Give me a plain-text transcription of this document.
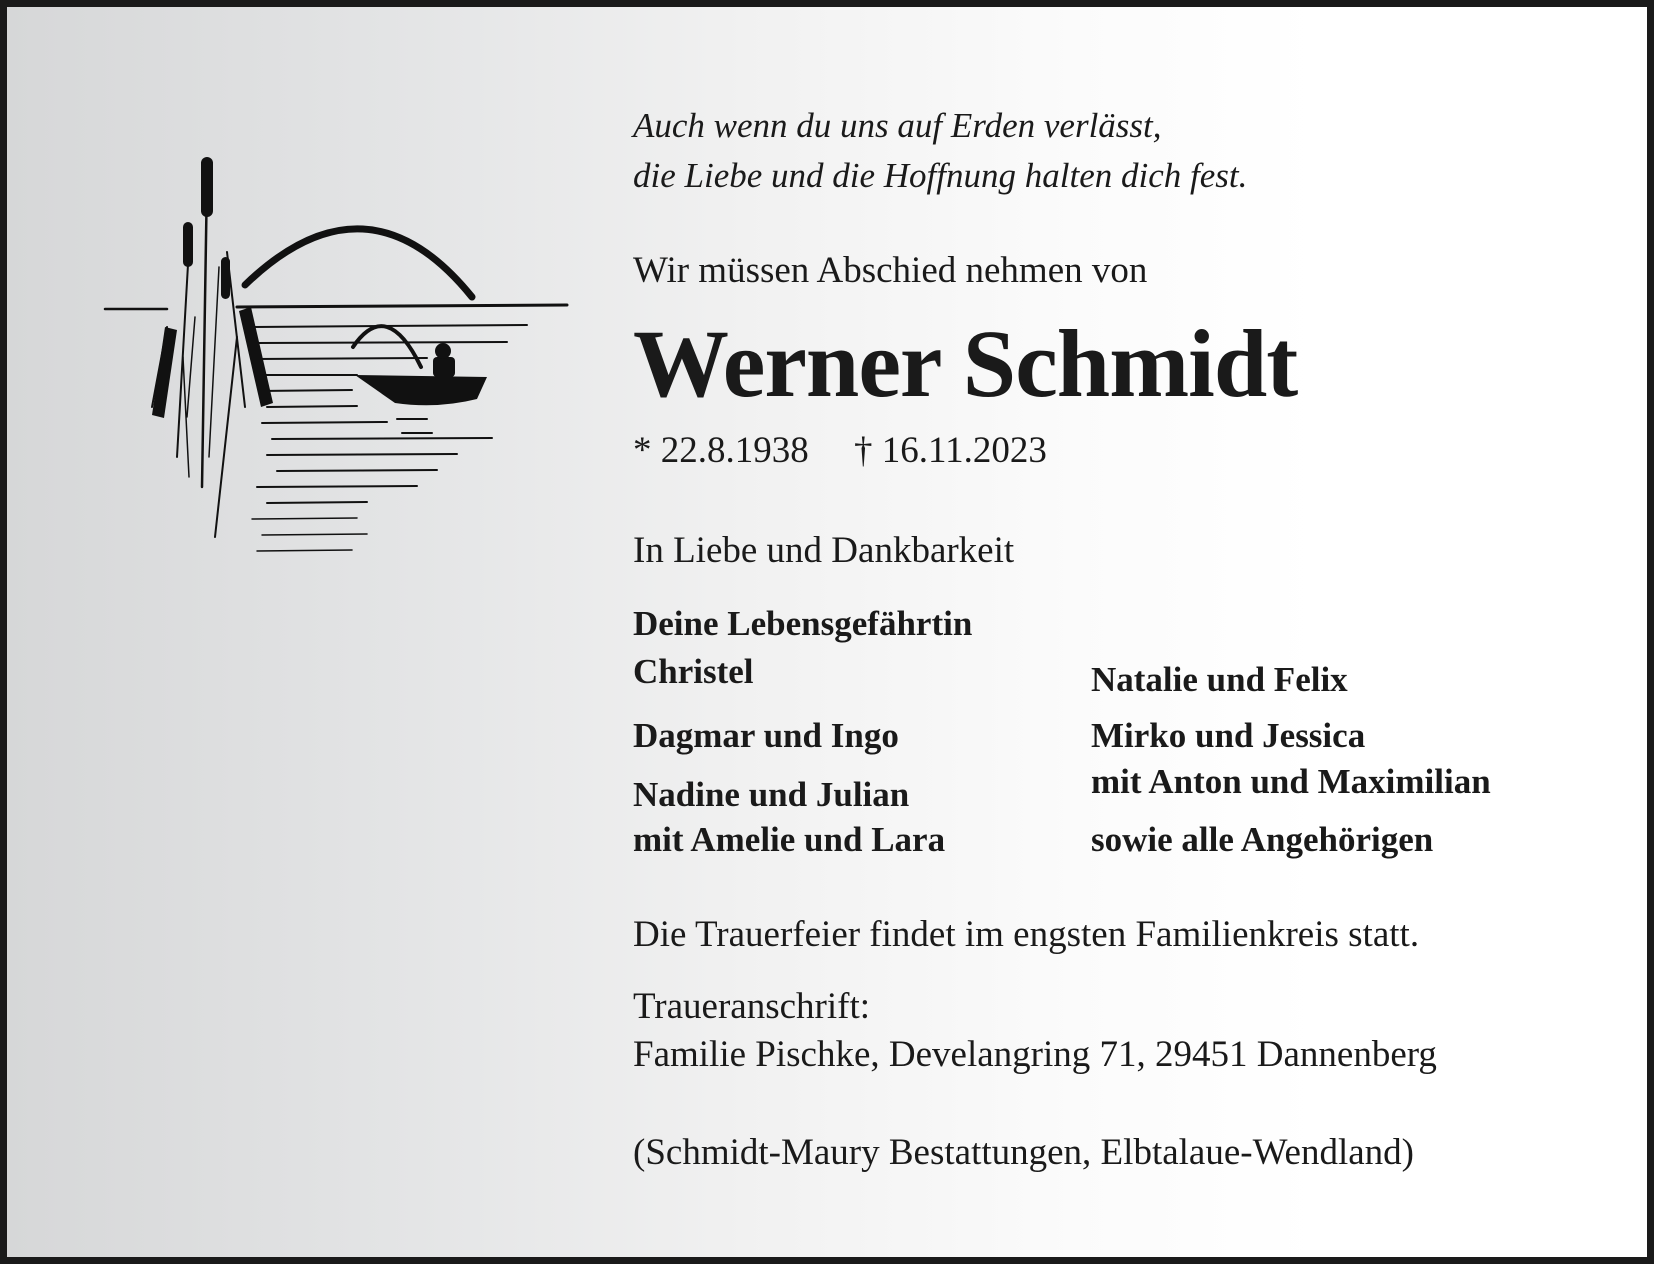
Auch wenn du uns auf Erden verlässt,
die Liebe und die Hoffnung halten dich fest.
Wir müssen Abschied nehmen von
Werner Schmidt
* 22.8.1938 † 16.11.2023
In Liebe und Dankbarkeit
Deine Lebensgefährtin
Christel
Dagmar und Ingo
Nadine und Julian
mit Amelie und Lara
Natalie und Felix
Mirko und Jessica
mit Anton und Maximilian
sowie alle Angehörigen
Die Trauerfeier findet im engsten Familienkreis statt.
Traueranschrift:
Familie Pischke, Develangring 71, 29451 Dannenberg
(Schmidt-Maury Bestattungen, Elbtalaue-Wendland)
